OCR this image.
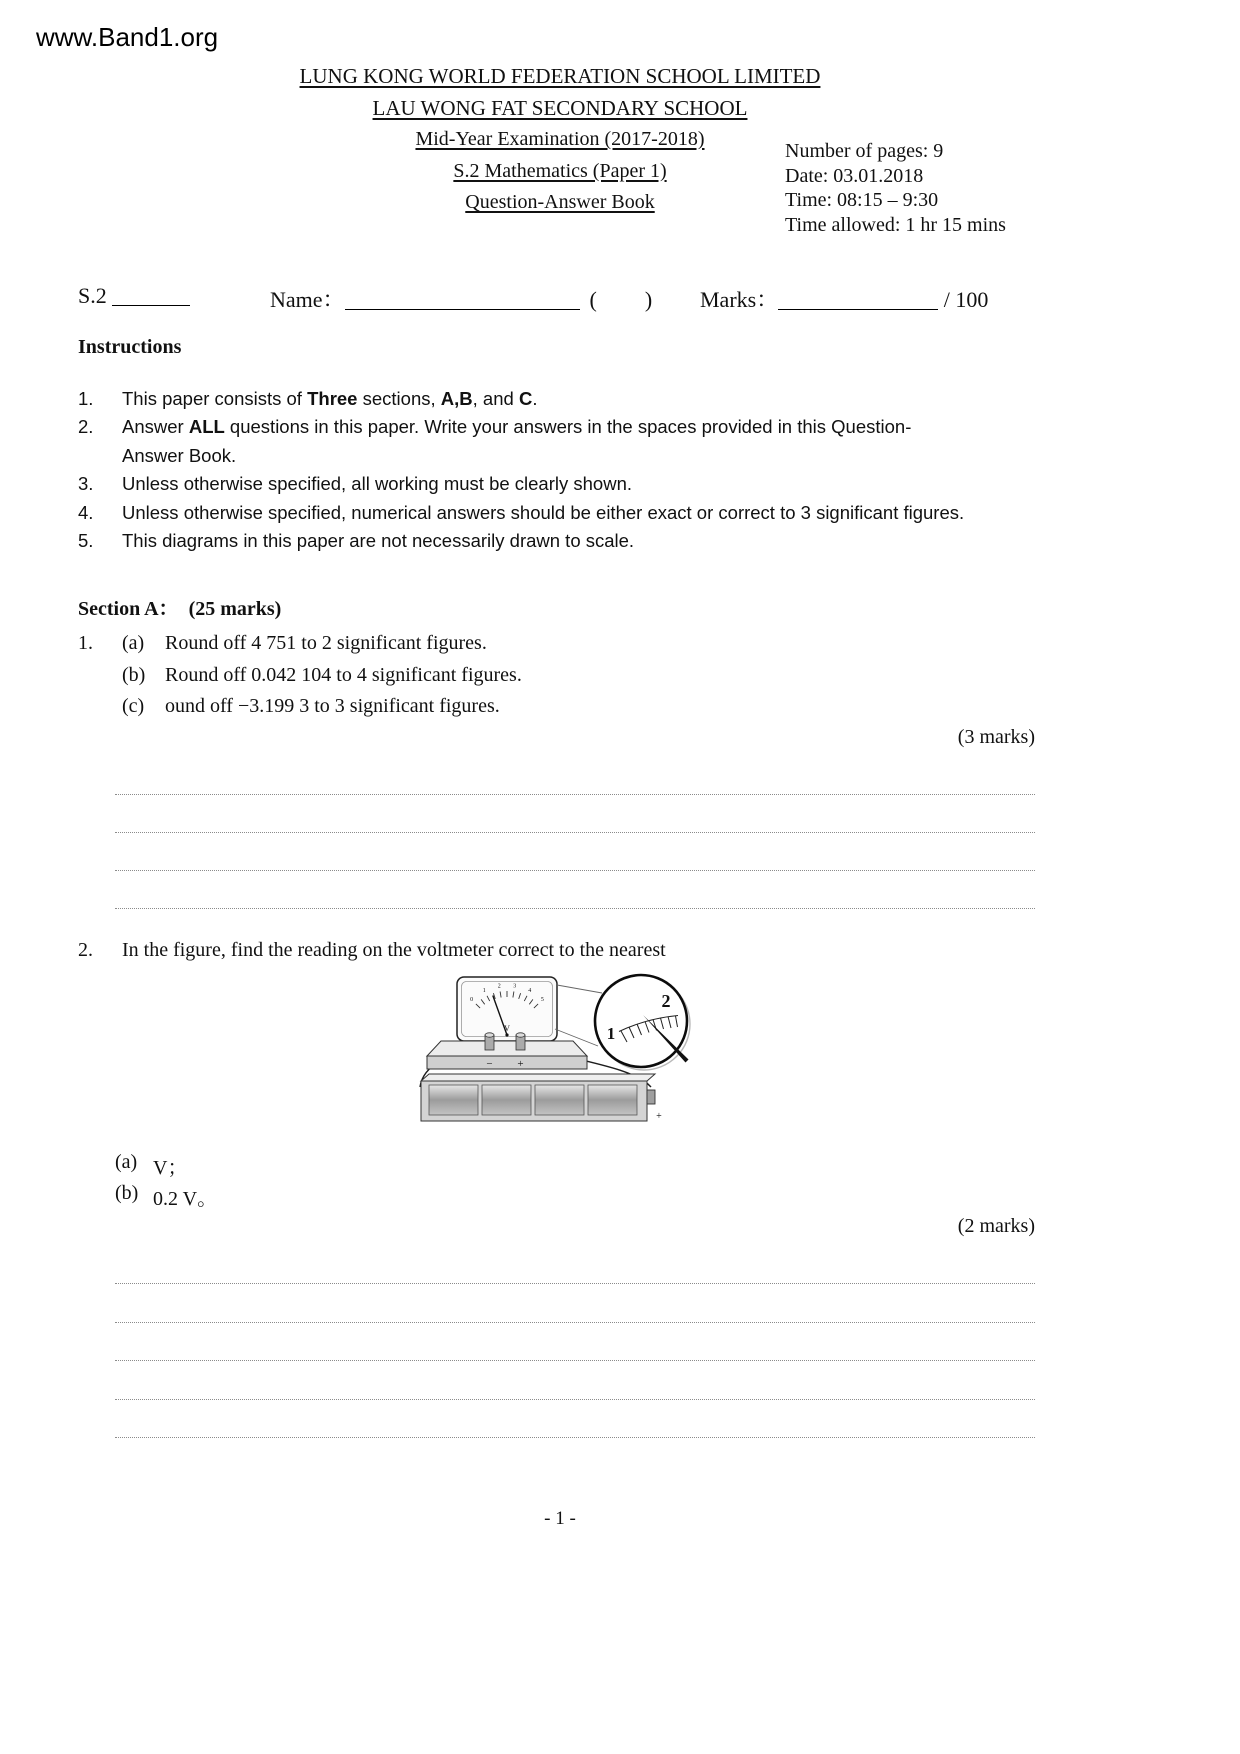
www.Band1.org
LUNG KONG WORLD FEDERATION SCHOOL LIMITED
LAU WONG FAT SECONDARY SCHOOL
Mid-Year Examination (2017-2018)
S.2 Mathematics (Paper 1)
Question-Answer Book
Number of pages: 9
Date: 03.01.2018
Time: 08:15 – 9:30
Time allowed: 1 hr 15 mins
S.2	Name：	( ) Marks：	/ 100
Instructions
1. This paper consists of Three sections, A,B, and C.
2. Answer ALL questions in this paper. Write your answers in the spaces provided in this Question-Answer Book.
3. Unless otherwise specified, all working must be clearly shown.
4. Unless otherwise specified, numerical answers should be either exact or correct to 3 significant figures.
5. This diagrams in this paper are not necessarily drawn to scale.
Section A： (25 marks)
1. (a) Round off 4 751 to 2 significant figures.
(b) Round off 0.042 104 to 4 significant figures.
(c) ound off −3.199 3 to 3 significant figures.
(3 marks)
2. In the figure, find the reading on the voltmeter correct to the nearest
0
1
2 3
4
5
V
− +
+
1
2
(a) V；
(b) 0.2 V。
(2 marks)
- 1 -
